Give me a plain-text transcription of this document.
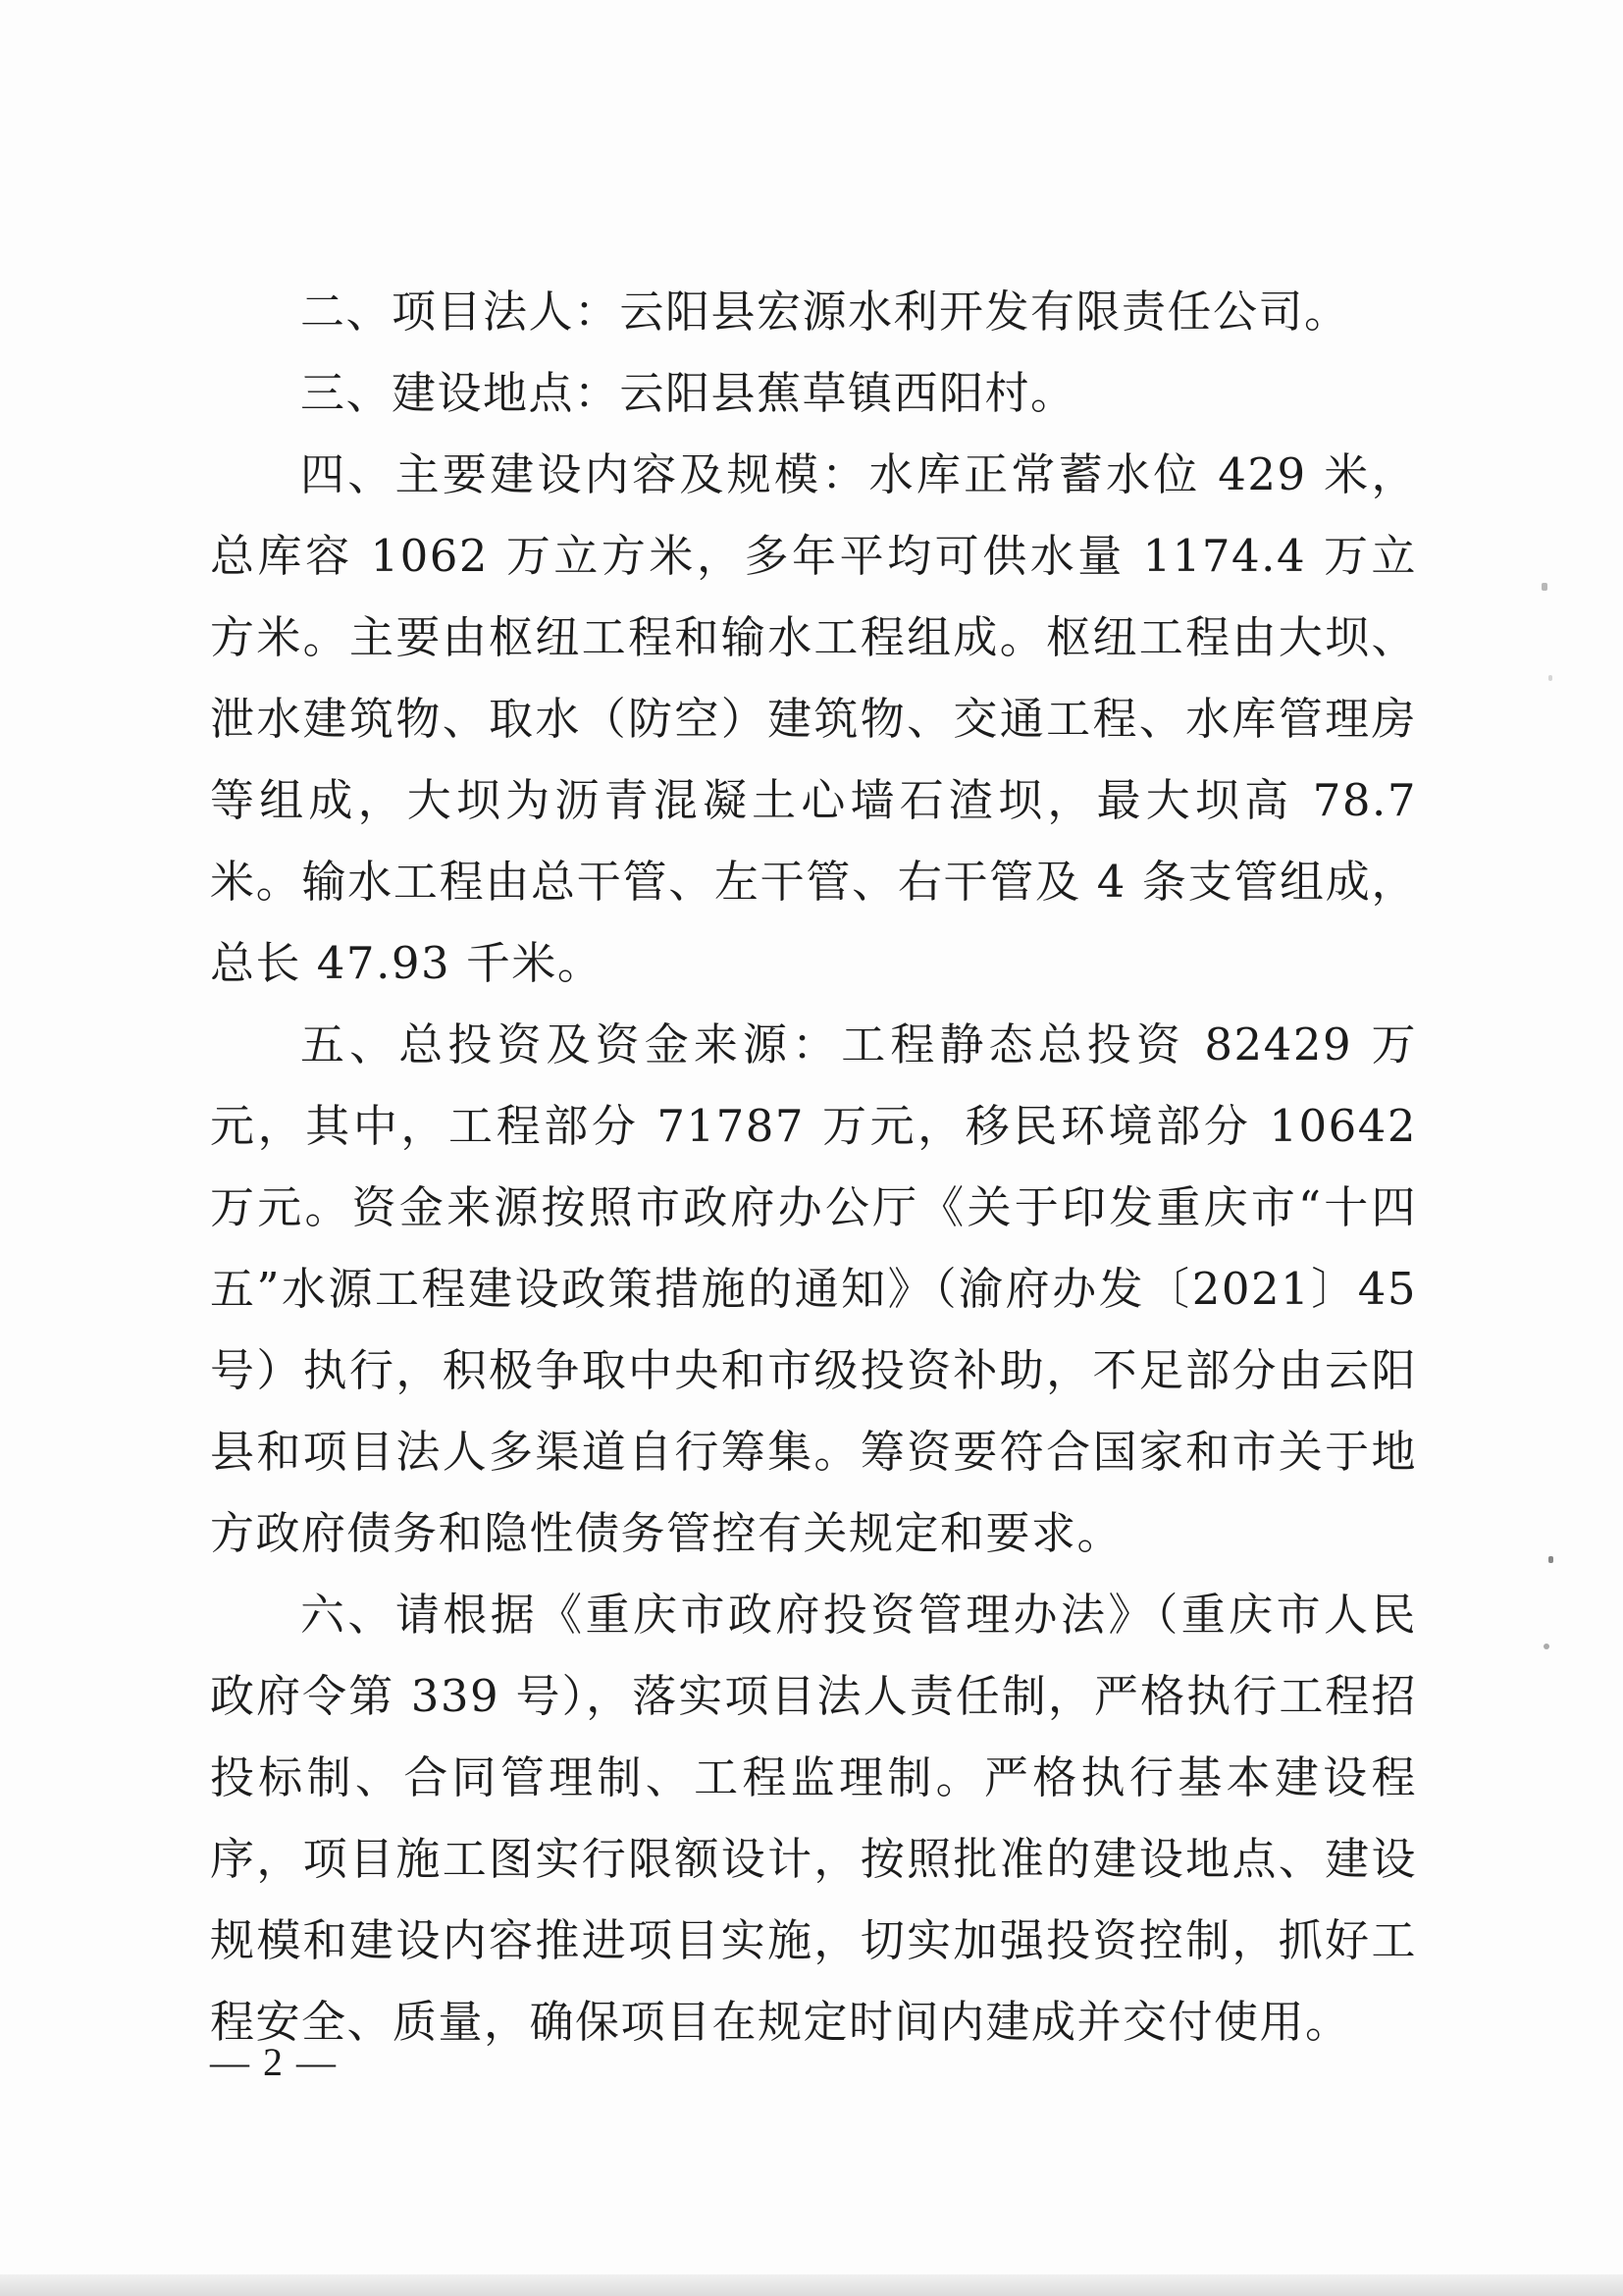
二、项目法人：云阳县宏源水利开发有限责任公司。

三、建设地点：云阳县蕉草镇西阳村。

四、主要建设内容及规模：水库正常蓄水位 429 米，总库容 1062 万立方米，多年平均可供水量 1174.4 万立方米。主要由枢纽工程和输水工程组成。枢纽工程由大坝、泄水建筑物、取水（防空）建筑物、交通工程、水库管理房等组成，大坝为沥青混凝土心墙石渣坝，最大坝高 78.7 米。输水工程由总干管、左干管、右干管及 4 条支管组成，总长 47.93 千米。

五、总投资及资金来源：工程静态总投资 82429 万元，其中，工程部分 71787 万元，移民环境部分 10642 万元。资金来源按照市政府办公厅《关于印发重庆市“十四五”水源工程建设政策措施的通知》（渝府办发〔2021〕45 号）执行，积极争取中央和市级投资补助，不足部分由云阳县和项目法人多渠道自行筹集。筹资要符合国家和市关于地方政府债务和隐性债务管控有关规定和要求。

六、请根据《重庆市政府投资管理办法》（重庆市人民政府令第 339 号），落实项目法人责任制，严格执行工程招投标制、合同管理制、工程监理制。严格执行基本建设程序，项目施工图实行限额设计，按照批准的建设地点、建设规模和建设内容推进项目实施，切实加强投资控制，抓好工程安全、质量，确保项目在规定时间内建成并交付使用。

— 2 —
